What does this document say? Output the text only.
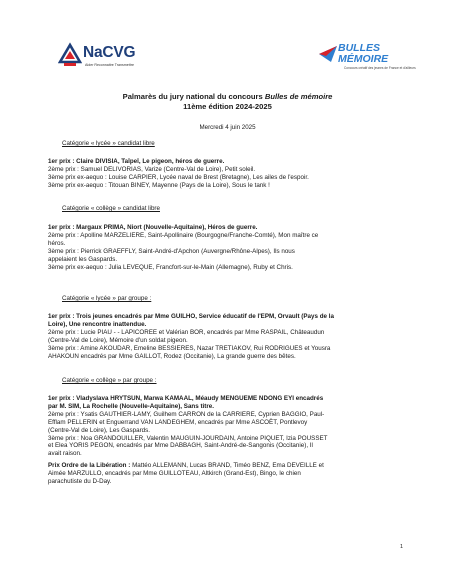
NaCVG
Aider Reconnaitre Transmettre
BULLES
MÉMOIRE
Concours créatif des jeunes de France et d'ailleurs
Palmarès du jury national du concours Bulles de mémoire
11ème édition 2024-2025
Mercredi 4 juin 2025
Catégorie « lycée » candidat libre
1er prix : Claire DIVISIA, Taïpeï, Le pigeon, héros de guerre.
2ème prix : Samuel DELIVORIAS, Varize (Centre-Val de Loire), Petit soleil.
3ème prix ex-aequo : Louise CARPIER, Lycée naval de Brest (Bretagne), Les ailes de l'espoir.
3ème prix ex-aequo : Titouan BINEY, Mayenne (Pays de la Loire), Sous le tank !
Catégorie « collège » candidat libre
1er prix : Margaux PRIMA, Niort (Nouvelle-Aquitaine), Héros de guerre.
2ème prix : Apolline MARZELIERE, Saint-Apollinaire (Bourgogne/Franche-Comté), Mon maître ce
héros.
3ème prix : Pierrick GRAEFFLY, Saint-André-d'Apchon (Auvergne/Rhône-Alpes), Ils nous
appelaient les Gaspards.
3ème prix ex-aequo : Julia LEVEQUE, Francfort-sur-le-Main (Allemagne), Ruby et Chris.
Catégorie « lycée » par groupe :
1er prix : Trois jeunes encadrés par Mme GUILHO, Service éducatif de l'EPM, Orvault (Pays de la
Loire), Une rencontre inattendue.
2ème prix : Lucie PIAU - - LAPICOREE et Valérian BOR, encadrés par Mme RASPAIL, Châteaudun
(Centre-Val de Loire), Mémoire d'un soldat pigeon.
3ème prix : Amine AKOUDAR, Emeline BESSIERES, Nazar TRETIAKOV, Rui RODRIGUES et Yousra
AHAKOUN encadrés par Mme GAILLOT, Rodez (Occitanie), La grande guerre des bêtes.
Catégorie « collège » par groupe :
1er prix : Vladyslava HRYTSUN, Marwa KAMAAL, Méaudy MENGUEME NDONG EYI encadrés
par M. SIM, La Rochelle (Nouvelle-Aquitaine), Sans titre.
2ème prix : Ysatis GAUTHIER-LAMY, Guilhem CARRON de la CARRIERE, Cyprien BAGGIO, Paul-
Efflam PELLERIN et Enguerrand VAN LANDEGHEM, encadrés par Mme ASCOËT, Pontlevoy
(Centre-Val de Loire), Les Gaspards.
3ème prix : Noa GRANDOUILLER, Valentin MAUGUIN-JOURDAIN, Antoine PIQUET, Izia POUSSET
et Elea YORIS PEGON, encadrés par Mme DABBAGH, Saint-André-de-Sangonis (Occitanie), Il
avait raison.
Prix Ordre de la Libération : Mattéo ALLEMANN, Lucas BRAND, Timéo BENZ, Ema DEVEILLE et
Aimée MARZULLO, encadrés par Mme GUILLOTEAU, Altkirch (Grand-Est), Bingo, le chien
parachutiste du D-Day.
1
